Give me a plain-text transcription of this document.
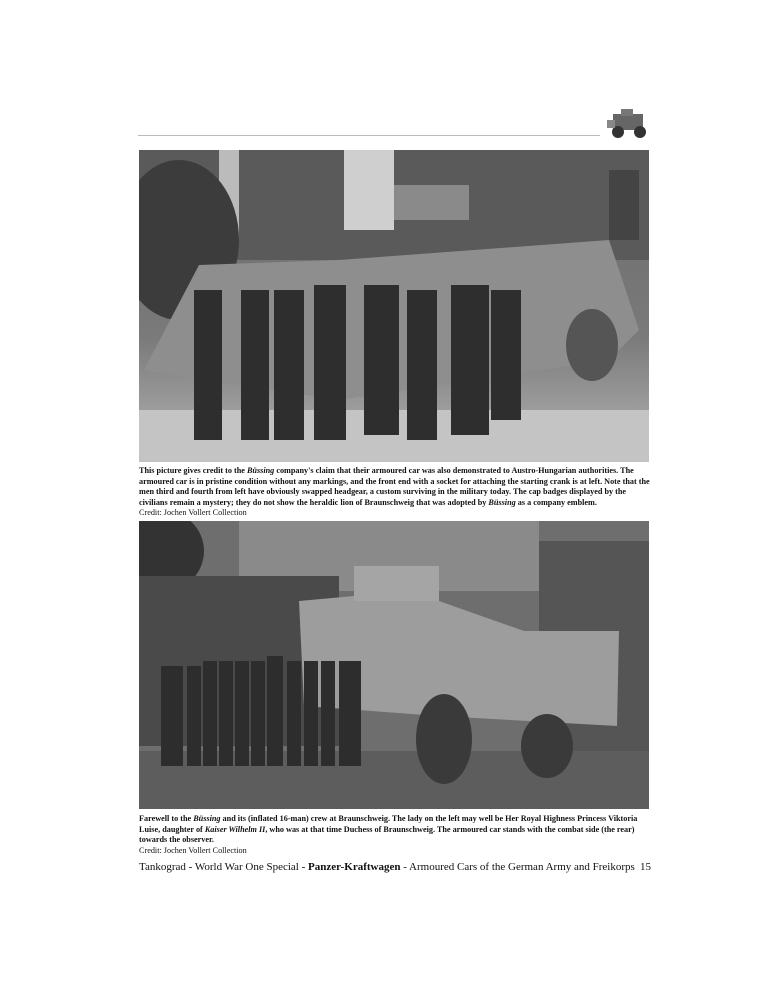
This picture gives credit to the Büssing company's claim that their armoured car was also demonstrated to Austro-Hungarian authorities. The armoured car is in pristine condition without any markings, and the front end with a socket for attaching the starting crank is at left. Note that the men third and fourth from left have obviously swapped headgear, a custom surviving in the military today. The cap badges displayed by the civilians remain a mystery; they do not show the heraldic lion of Braunschweig that was adopted by Büssing as a company emblem.
Credit: Jochen Vollert Collection
Farewell to the Büssing and its (inflated 16-man) crew at Braunschweig. The lady on the left may well be Her Royal Highness Princess Viktoria Luise, daughter of Kaiser Wilhelm II, who was at that time Duchess of Braunschweig. The armoured car stands with the combat side (the rear) towards the observer.
Credit: Jochen Vollert Collection
Tankograd - World War One Special - Panzer-Kraftwagen - Armoured Cars of the German Army and Freikorps 15
